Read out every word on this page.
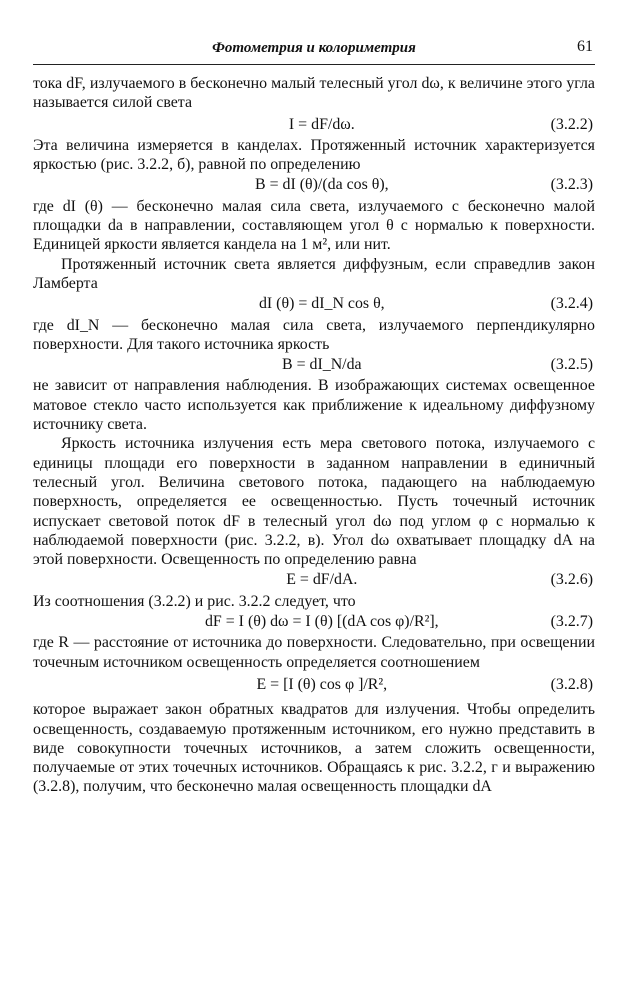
Фотометрия и колориметрия	61

тока dF, излучаемого в бесконечно малый телесный угол dω, к величине этого угла называется силой света

I = dF/dω.	(3.2.2)

Эта величина измеряется в канделах. Протяженный источник характеризуется яркостью (рис. 3.2.2, б), равной по определению

B = dI (θ)/(da cos θ),	(3.2.3)

где dI (θ) — бесконечно малая сила света, излучаемого с бесконечно малой площадки da в направлении, составляющем угол θ с нормалью к поверхности. Единицей яркости является кандела на 1 м², или нит.

Протяженный источник света является диффузным, если справедлив закон Ламберта

dI (θ) = dI_N cos θ,	(3.2.4)

где dI_N — бесконечно малая сила света, излучаемого перпендикулярно поверхности. Для такого источника яркость

B = dI_N/da	(3.2.5)

не зависит от направления наблюдения. В изображающих системах освещенное матовое стекло часто используется как приближение к идеальному диффузному источнику света.

Яркость источника излучения есть мера светового потока, излучаемого с единицы площади его поверхности в заданном направлении в единичный телесный угол. Величина светового потока, падающего на наблюдаемую поверхность, определяется ее освещенностью. Пусть точечный источник испускает световой поток dF в телесный угол dω под углом φ с нормалью к наблюдаемой поверхности (рис. 3.2.2, в). Угол dω охватывает площадку dA на этой поверхности. Освещенность по определению равна

E = dF/dA.	(3.2.6)

Из соотношения (3.2.2) и рис. 3.2.2 следует, что

dF = I (θ) dω = I (θ) [(dA cos φ)/R²],	(3.2.7)

где R — расстояние от источника до поверхности. Следовательно, при освещении точечным источником освещенность определяется соотношением

E = [I (θ) cos φ ]/R²,	(3.2.8)

которое выражает закон обратных квадратов для излучения. Чтобы определить освещенность, создаваемую протяженным источником, его нужно представить в виде совокупности точечных источников, а затем сложить освещенности, получаемые от этих точечных источников. Обращаясь к рис. 3.2.2, г и выражению (3.2.8), получим, что бесконечно малая освещенность площадки dA
